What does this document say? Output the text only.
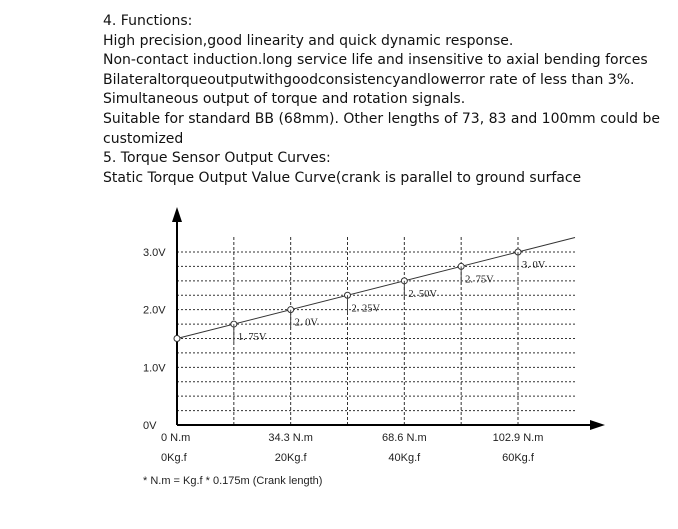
4. Functions:
High precision,good linearity and quick dynamic response.
Non-contact induction.long service life and insensitive to axial bending forces
Bilateraltorqueoutputwithgoodconsistencyandlowerror rate of less than 3%.
Simultaneous output of torque and rotation signals.
Suitable for standard BB (68mm). Other lengths of 73, 83 and 100mm could be
customized
5. Torque Sensor Output Curves:
Static Torque Output Value Curve(crank is parallel to ground surface
1. 75V
2. 0V
2. 25V
2. 50V
2. 75V
3. 0V
3.0V
2.0V
1.0V
0V
0 N.m
0Kg.f
34.3 N.m
20Kg.f
68.6 N.m
40Kg.f
102.9 N.m
60Kg.f
* N.m = Kg.f * 0.175m (Crank length)
